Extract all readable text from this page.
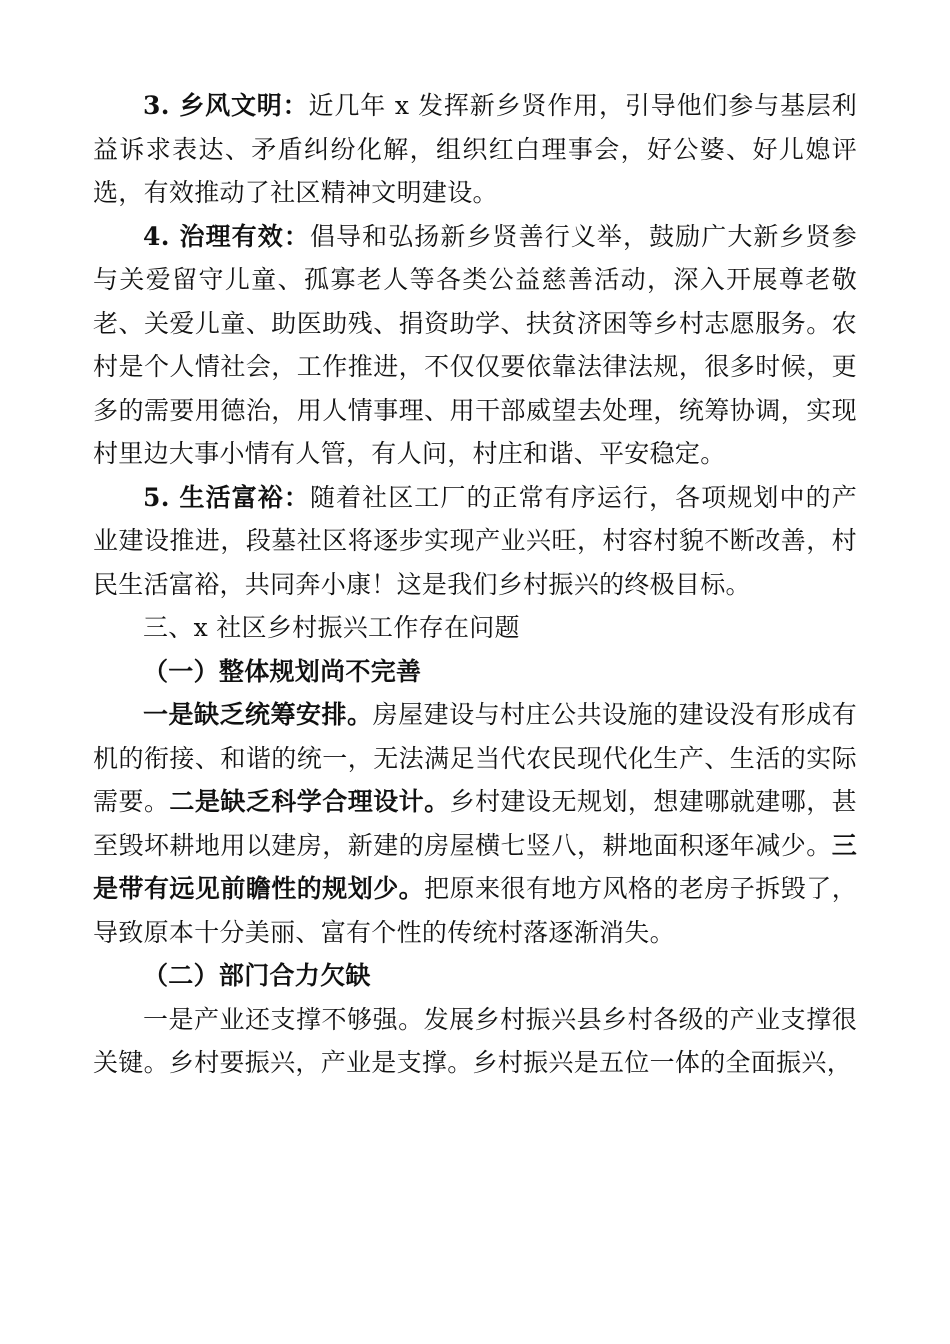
3. 乡风文明：近几年 x 发挥新乡贤作用，引导他们参与基层利益诉求表达、矛盾纠纷化解，组织红白理事会，好公婆、好儿媳评选，有效推动了社区精神文明建设。

4. 治理有效：倡导和弘扬新乡贤善行义举，鼓励广大新乡贤参与关爱留守儿童、孤寡老人等各类公益慈善活动，深入开展尊老敬老、关爱儿童、助医助残、捐资助学、扶贫济困等乡村志愿服务。农村是个人情社会，工作推进，不仅仅要依靠法律法规，很多时候，更多的需要用德治，用人情事理、用干部威望去处理，统筹协调，实现村里边大事小情有人管，有人问，村庄和谐、平安稳定。

5. 生活富裕：随着社区工厂的正常有序运行，各项规划中的产业建设推进，段墓社区将逐步实现产业兴旺，村容村貌不断改善，村民生活富裕，共同奔小康！这是我们乡村振兴的终极目标。

三、x 社区乡村振兴工作存在问题

（一）整体规划尚不完善

一是缺乏统筹安排。房屋建设与村庄公共设施的建设没有形成有机的衔接、和谐的统一，无法满足当代农民现代化生产、生活的实际需要。二是缺乏科学合理设计。乡村建设无规划，想建哪就建哪，甚至毁坏耕地用以建房，新建的房屋横七竖八，耕地面积逐年减少。三是带有远见前瞻性的规划少。把原来很有地方风格的老房子拆毁了，导致原本十分美丽、富有个性的传统村落逐渐消失。

（二）部门合力欠缺

一是产业还支撑不够强。发展乡村振兴县乡村各级的产业支撑很关键。乡村要振兴，产业是支撑。乡村振兴是五位一体的全面振兴，
